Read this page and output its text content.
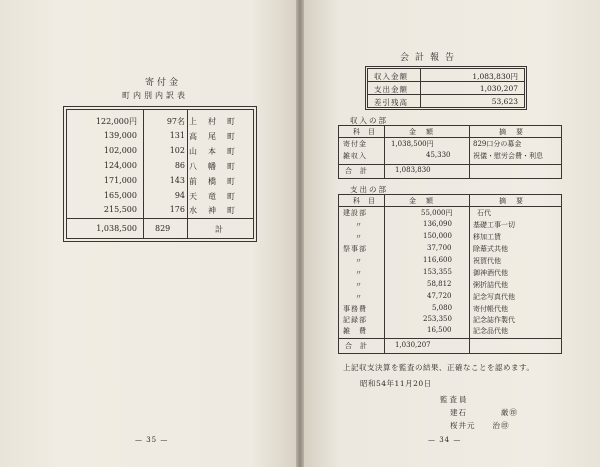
寄付金
町内別内訳表
122,000円	97名 上村町
139,000	131 高尾町
102,000	102 山本町
124,000	86 八幡町
171,000	143 前橋町
165,000	94 天竜町
215,500	176 水神町
1,038,500 829	計
— 35 —
会計報告
収入金額	1,083,830円
支出金額	1,030,207
差引残高	53,623
収入の部
科目	金額	摘要
寄付金	1,038,500円	829口分の募金
雑収入	45,330	祝儀・慰労会費・利息
合計	1,083,830
支出の部
科目	金額	摘要
建設部	55,000円	石代
〃	136,090	基礎工事一切
〃	150,000	移加工賃
祭事部	37,700	除幕式共他
〃	116,600	祝賀代他
〃	153,355	御神酒代他
〃	58,812	粥折詰代他
〃	47,720	記念写真代他
事務費	5,080	寄付帳代他
記録部	253,350	記念誌作製代
雑費	16,500	記念品代他
合計	1,030,207
上記収支決算を監査の結果、正確なことを認めます。
昭和54年11月20日
監査員
建石　　　　厳㊞
桜井元　　治㊞
— 34 —
